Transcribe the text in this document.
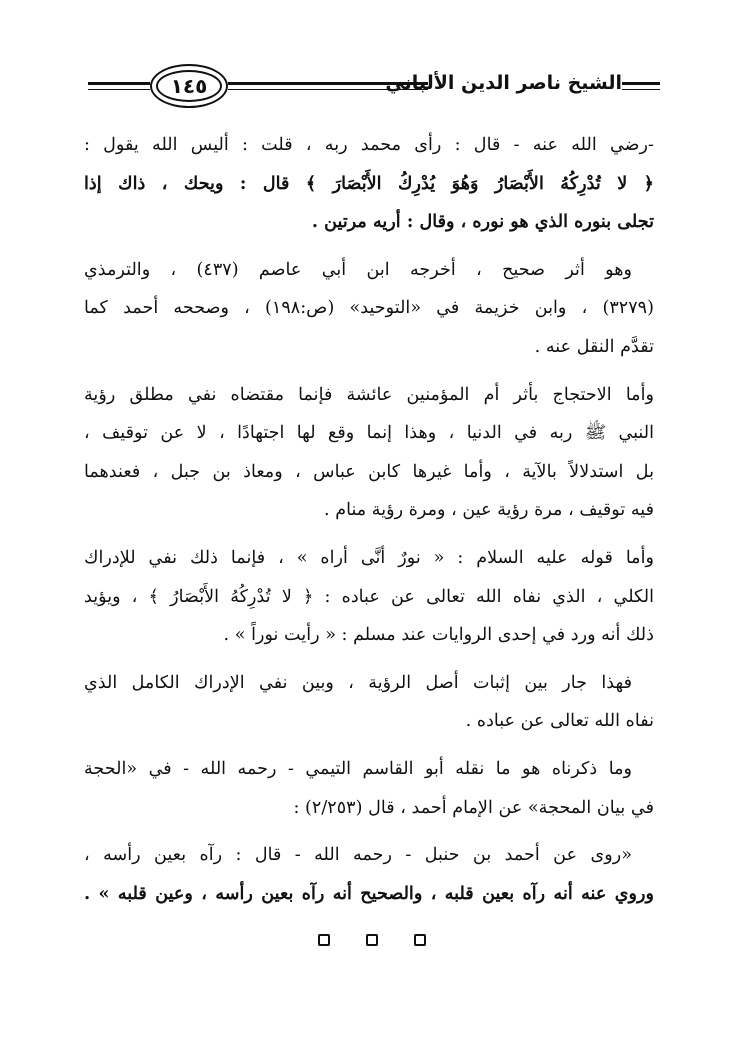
١٤٥	الشيخ ناصر الدين الألباني
-رضي الله عنه - قال : رأى محمد ربه ، قلت : أليس الله يقول :
﴿ لا تُدْرِكُهُ الأَبْصَارُ وَهُوَ يُدْرِكُ الأَبْصَارَ ﴾ قال : ويحك ، ذاك إذا
تجلى بنوره الذي هو نوره ، وقال : أريه مرتين .
وهو أثر صحيح ، أخرجه ابن أبي عاصم (٤٣٧) ، والترمذي
(٣٢٧٩) ، وابن خزيمة في «التوحيد» (ص:١٩٨) ، وصححه أحمد كما
تقدَّم النقل عنه .
وأما الاحتجاج بأثر أم المؤمنين عائشة فإنما مقتضاه نفي مطلق رؤية
النبي ﷺ ربه في الدنيا ، وهذا إنما وقع لها اجتهادًا ، لا عن توقيف ،
بل استدلالاً بالآية ، وأما غيرها كابن عباس ، ومعاذ بن جبل ، فعندهما
فيه توقيف ، مرة رؤية عين ، ومرة رؤية منام .
وأما قوله عليه السلام : « نورٌ أنَّى أراه » ، فإنما ذلك نفي للإدراك
الكلي ، الذي نفاه الله تعالى عن عباده : ﴿ لا تُدْرِكُهُ الأَبْصَارُ ﴾ ، ويؤيد
ذلك أنه ورد في إحدى الروايات عند مسلم : « رأيت نوراً » .
فهذا جار بين إثبات أصل الرؤية ، وبين نفي الإدراك الكامل الذي
نفاه الله تعالى عن عباده .
وما ذكرناه هو ما نقله أبو القاسم التيمي - رحمه الله - في «الحجة
في بيان المحجة» عن الإمام أحمد ، قال (٢/٢٥٣) :
«روى عن أحمد بن حنبل - رحمه الله - قال : رآه بعين رأسه ،
وروي عنه أنه رآه بعين قلبه ، والصحيح أنه رآه بعين رأسه ، وعين قلبه » .
